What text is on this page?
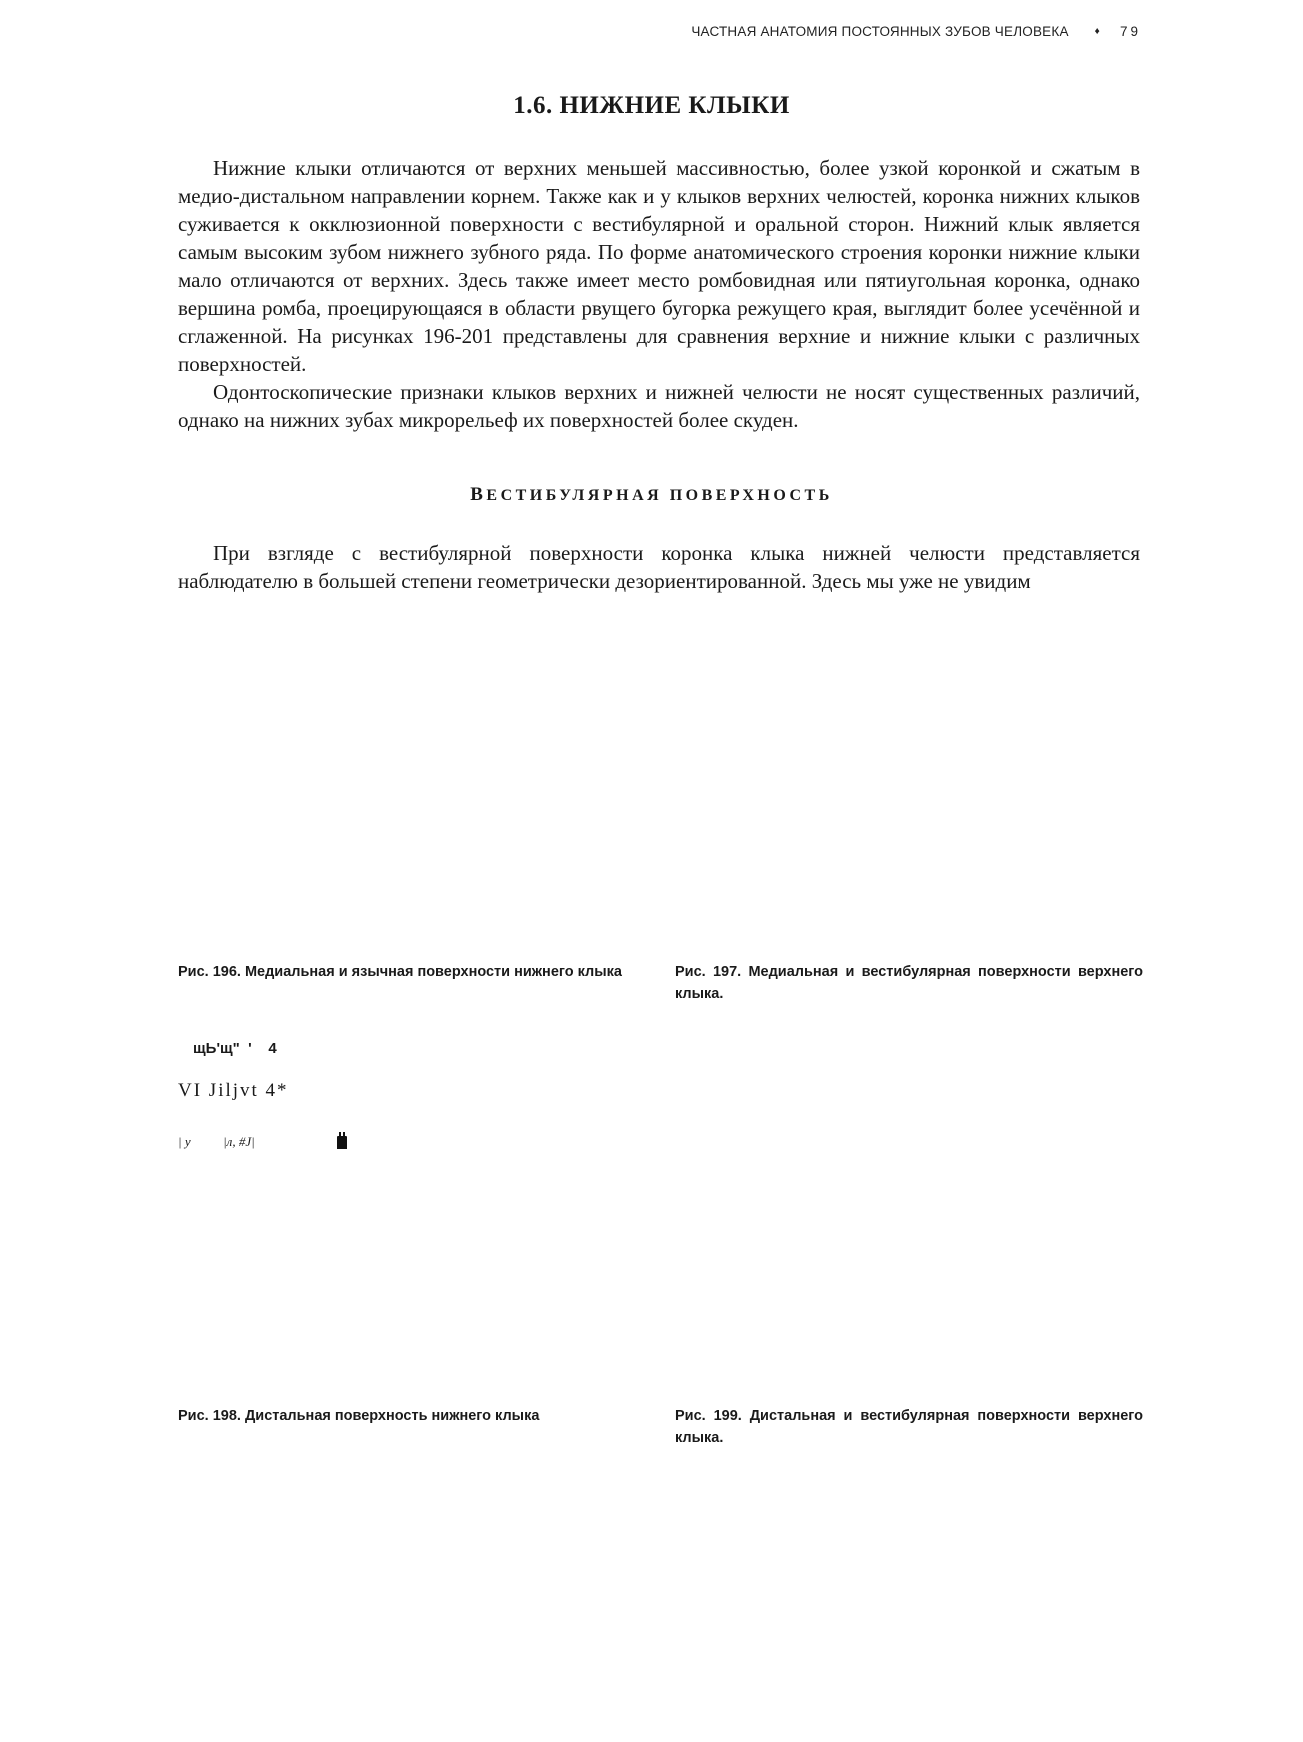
ЧАСТНАЯ АНАТОМИЯ ПОСТОЯННЫХ ЗУБОВ ЧЕЛОВЕКА	♦ 79
1.6. НИЖНИЕ КЛЫКИ

Нижние клыки отличаются от верхних меньшей массивностью, более узкой коронкой и сжатым в медио-дистальном направлении корнем. Также как и у клыков верхних челюстей, коронка нижних клыков суживается к окклюзионной поверхности с вестибулярной и оральной сторон. Нижний клык является самым высоким зубом нижнего зубного ряда. По форме анатомического строения коронки нижние клыки мало отличаются от верхних. Здесь также имеет место ромбовидная или пятиугольная коронка, однако вершина ромба, проецирующаяся в области рвущего бугорка режущего края, выглядит более усечённой и сглаженной. На рисунках 196-201 представлены для сравнения верхние и нижние клыки с различных поверхностей.

Одонтоскопические признаки клыков верхних и нижней челюсти не носят существенных различий, однако на нижних зубах микрорельеф их поверхностей более скуден.

ВЕСТИБУЛЯРНАЯ ПОВЕРХНОСТЬ

При взгляде с вестибулярной поверхности коронка клыка нижней челюсти представляется наблюдателю в большей степени геометрически дезориентированной. Здесь мы уже не увидим

Рис. 196. Медиальная и язычная поверхности нижнего клыка	Рис. 197. Медиальная и вестибулярная поверхности верхнего клыка.

щЬ'щ"  '    4
VI Jiljvt 4*
| у          |л, #J|

Рис. 198. Дистальная поверхность нижнего клыка	Рис. 199. Дистальная и вестибулярная поверхности верхнего клыка.
